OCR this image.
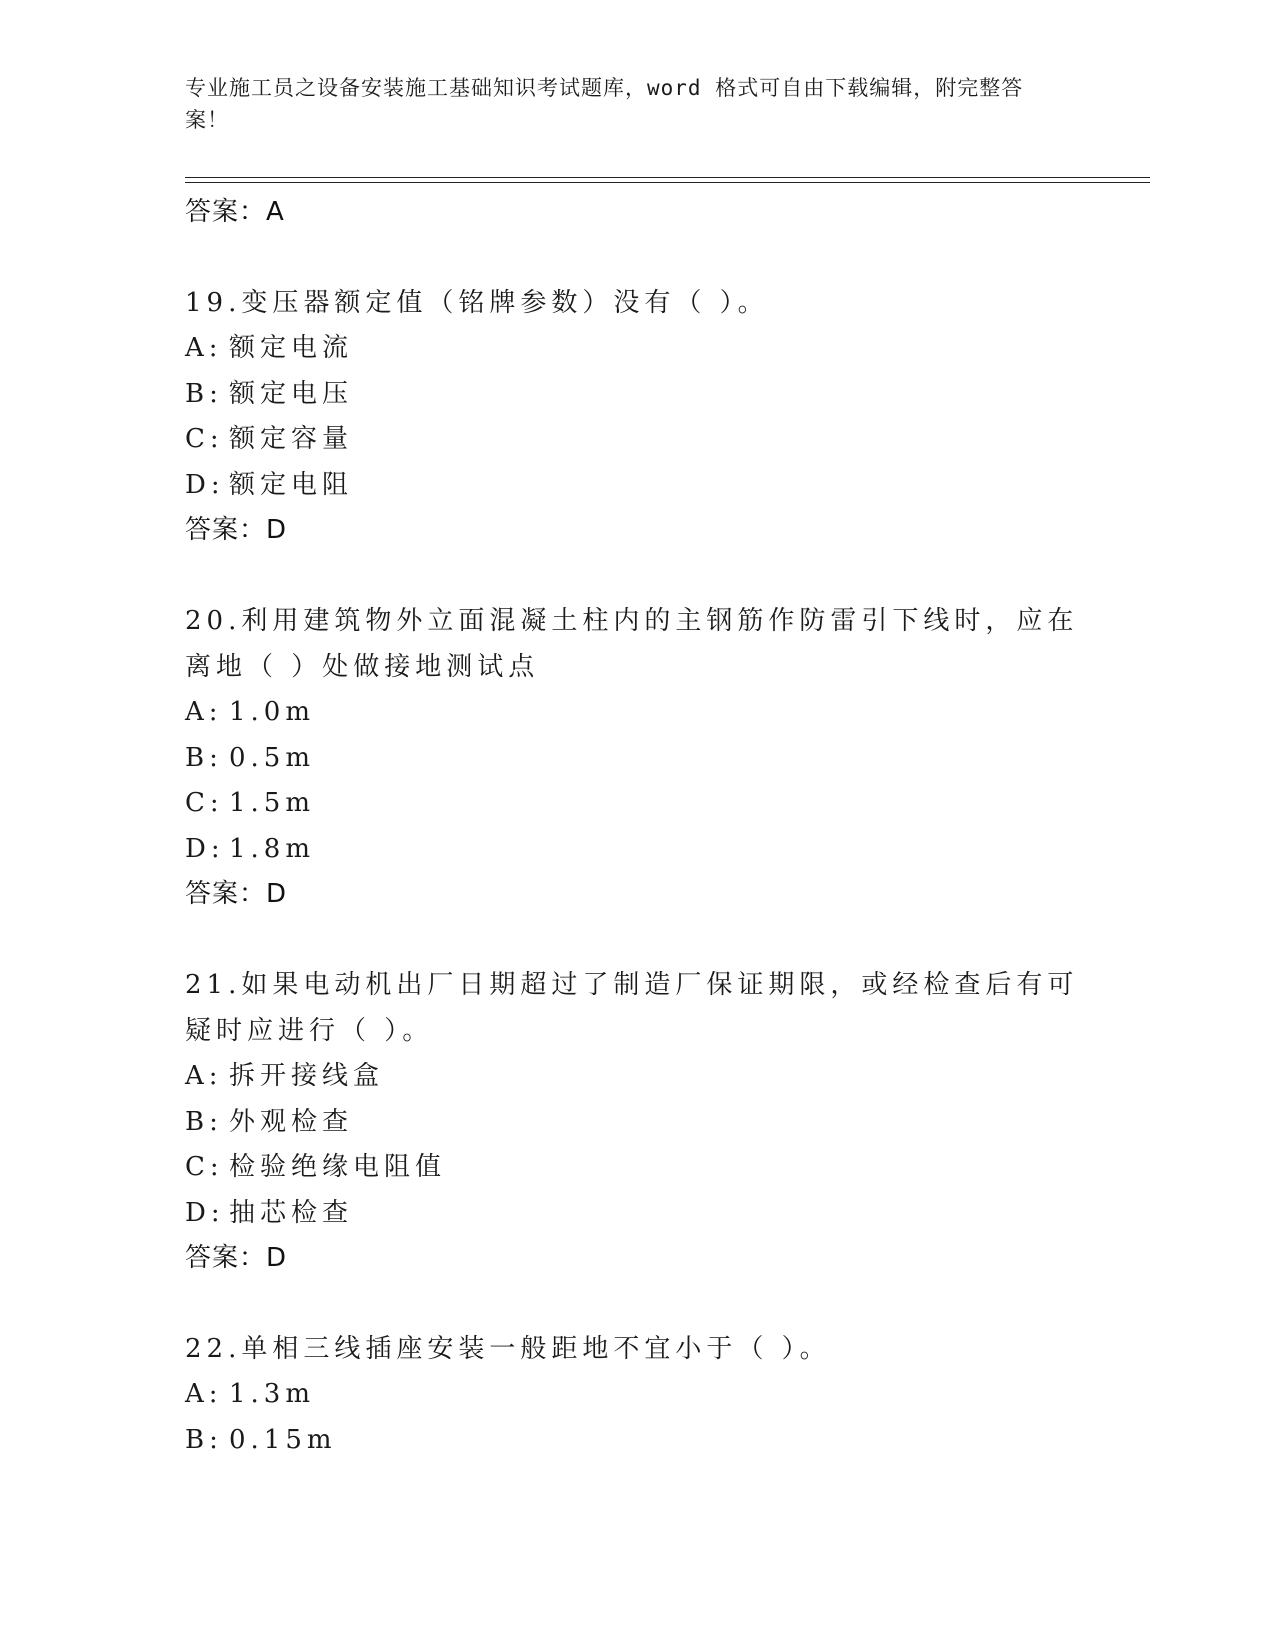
专业施工员之设备安装施工基础知识考试题库，word 格式可自由下载编辑，附完整答案！
答案：A
19.变压器额定值（铭牌参数）没有（ ）。
A: 额定电流
B: 额定电压
C: 额定容量
D: 额定电阻
答案：D
20.利用建筑物外立面混凝土柱内的主钢筋作防雷引下线时，应在离地（ ）处做接地测试点
A: 1.0m
B: 0.5m
C: 1.5m
D: 1.8m
答案：D
21.如果电动机出厂日期超过了制造厂保证期限，或经检查后有可疑时应进行（ ）。
A: 拆开接线盒
B: 外观检查
C: 检验绝缘电阻值
D: 抽芯检查
答案：D
22.单相三线插座安装一般距地不宜小于（ ）。
A: 1.3m
B: 0.15m
